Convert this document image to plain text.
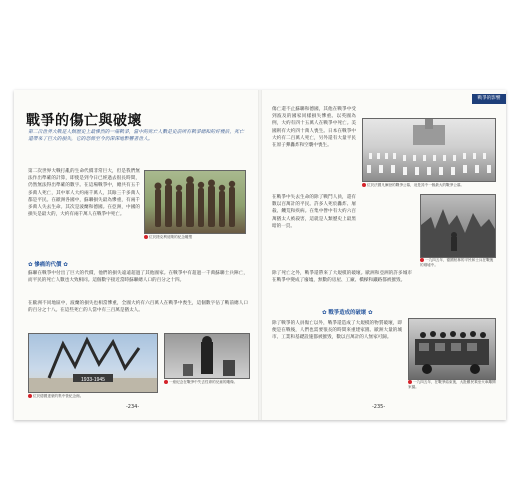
戰爭的傷亡與破壞
第二次世界大戰是人類歷史上最慘烈的一場戰爭，當中的死亡人數是史前所有戰爭總和的好幾倍，死亡還帶來了巨大的損失，它的恐怖至今仍深深地影響著世人。
第二次世界大戰打亂的生命代價非常巨大，但是我們無法作出準確的計算，即使是到今日已經過去很長時間，仍然無法得出準確的數字。在這場戰爭中，總共有五千多萬人死亡，其中軍人大約兩千萬人，其餘三千多萬人都是平民。在歐洲各國中，蘇聯損失最為慘重，有兩千多萬人失去生命。其次是波蘭和德國。在亞洲，中國的損失是最大的，大約有兩千萬人在戰爭中死亡。
位於捷克利迪策的紀念雕塑
✿ 慘痛的代價 ✿
蘇聯在戰爭中付出了巨大的代價，他們的損失遠遠超過了其他國家。在戰爭中有超過一千萬蘇聯士兵陣亡，而平民的死亡人數也大致相同。這個數字接近當時蘇聯總人口的百分之十四。
在歐洲不同地區中，波蘭的損失也相當慘重，全國大約有六百萬人在戰爭中喪生，這個數字佔了戰前總人口的百分之十八。在這些死亡的人當中有三百萬是猶太人。
1933-1945
位於德國達豪的集中營紀念館。
一座紀念在戰爭中失去性命的兒童的雕像。
-234-
戰爭的影響
傷亡還不止蘇聯和德國，其他在戰爭中受到波及的國家同樣損失慘重。以英國為例，大約有四十五萬人在戰爭中死亡。美國則有大約四十萬人喪生。日本在戰爭中大約有二百萬人死亡，另外還有大量平民在原子彈轟炸和空襲中喪生。
位於法國凡爾登的戰爭公墓，這是其中一個最大的戰爭公墓。
在戰爭中失去生命的除了戰鬥人員，還有數以百萬計的平民。許多人死於轟炸、屠殺、饑荒和疾病。在集中營中有大約六百萬猶太人被殺害，這就是人類歷史上最黑暗的一頁。
一九四五年，德國柏林的平民和士兵在戰後的廢墟中。
除了死亡之外，戰爭還帶來了大規模的破壞。歐洲和亞洲的許多城市在戰爭中變成了廢墟，無數的房屋、工廠、橋樑和鐵路都被摧毀。
✿ 戰爭造成的破壞 ✿
除了戰爭的人員傷亡以外，戰爭還造成了大規模的物質破壞，即便是在戰後，人們也需要很長的時間來重建家園。歐洲大量的城市、工業和基礎設施都被摧毀，數以百萬計的人無家可歸。
一九四五年，在戰爭結束後，大批難民乘坐火車離開家園。
-235-
